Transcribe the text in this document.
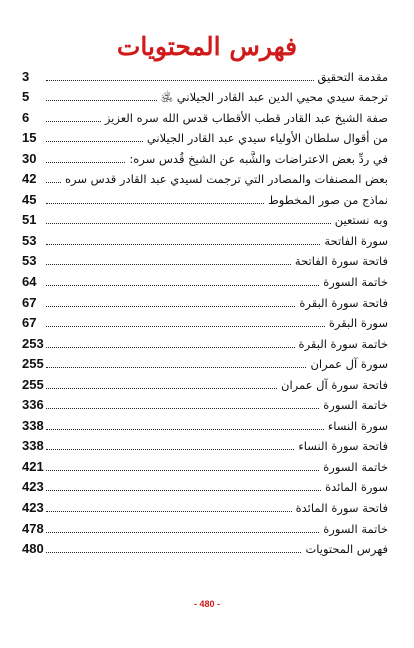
فهرس المحتويات
مقدمة التحقيق
3
ترجمة سيدي محيي الدين عبد القادر الجيلاني ﵁
5
صفة الشيخ عبد القادر قطب الأقطاب قدس الله سره العزيز
6
من أقوال سلطان الأولياء سيدي عبد القادر الجيلاني
15
في ردِّ بعض الاعتراضات والشُّبه عن الشيخ قُدس سره:
30
بعض المصنفات والمصادر التي ترجمت لسيدي عبد القادر قدس سره
42
نماذج من صور المخطوط
45
وبه نستعين
51
سورة الفاتحة
53
فاتحة سورة الفاتحة
53
خاتمة السورة
64
فاتحة سورة البقرة
67
سورة البقرة
67
خاتمة سورة البقرة
253
سورة آل عمران
255
فاتحة سورة آل عمران
255
خاتمة السورة
336
سورة النساء
338
فاتحة سورة النساء
338
خاتمة السورة
421
سورة المائدة
423
فاتحة سورة المائدة
423
خاتمة السورة
478
فهرس المحتويات
480
- 480 -
